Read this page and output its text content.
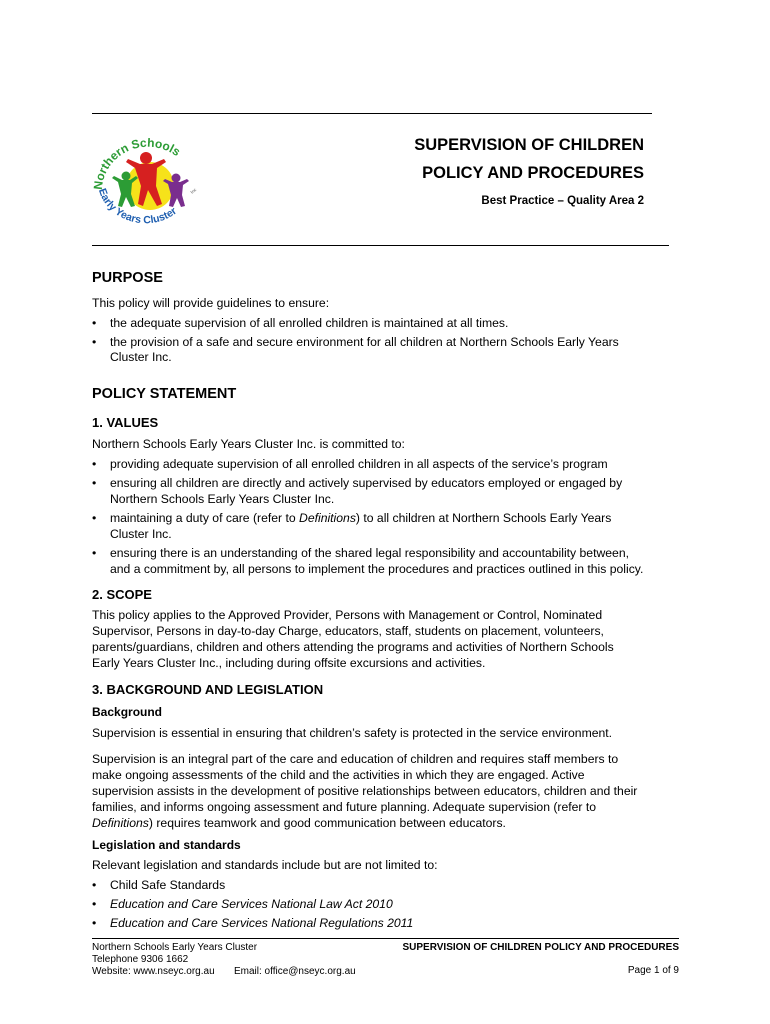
Northern Schools
Early Years Cluster
Inc
SUPERVISION OF CHILDREN
POLICY AND PROCEDURES
Best Practice – Quality Area 2
PURPOSE
This policy will provide guidelines to ensure:
• the adequate supervision of all enrolled children is maintained at all times.
• the provision of a safe and secure environment for all children at Northern Schools Early Years
Cluster Inc.
POLICY STATEMENT
1. VALUES
Northern Schools Early Years Cluster Inc. is committed to:
• providing adequate supervision of all enrolled children in all aspects of the service’s program
• ensuring all children are directly and actively supervised by educators employed or engaged by
Northern Schools Early Years Cluster Inc.
• maintaining a duty of care (refer to Definitions) to all children at Northern Schools Early Years
Cluster Inc.
• ensuring there is an understanding of the shared legal responsibility and accountability between,
and a commitment by, all persons to implement the procedures and practices outlined in this policy.
2. SCOPE
This policy applies to the Approved Provider, Persons with Management or Control, Nominated
Supervisor, Persons in day-to-day Charge, educators, staff, students on placement, volunteers,
parents/guardians, children and others attending the programs and activities of Northern Schools
Early Years Cluster Inc., including during offsite excursions and activities.
3. BACKGROUND AND LEGISLATION
Background
Supervision is essential in ensuring that children’s safety is protected in the service environment.
Supervision is an integral part of the care and education of children and requires staff members to
make ongoing assessments of the child and the activities in which they are engaged. Active
supervision assists in the development of positive relationships between educators, children and their
families, and informs ongoing assessment and future planning. Adequate supervision (refer to
Definitions) requires teamwork and good communication between educators.
Legislation and standards
Relevant legislation and standards include but are not limited to:
• Child Safe Standards
• Education and Care Services National Law Act 2010
• Education and Care Services National Regulations 2011
Northern Schools Early Years Cluster
Telephone 9306 1662
Website: www.nseyc.org.au Email: office@nseyc.org.au
SUPERVISION OF CHILDREN POLICY AND PROCEDURES
Page 1 of 9
